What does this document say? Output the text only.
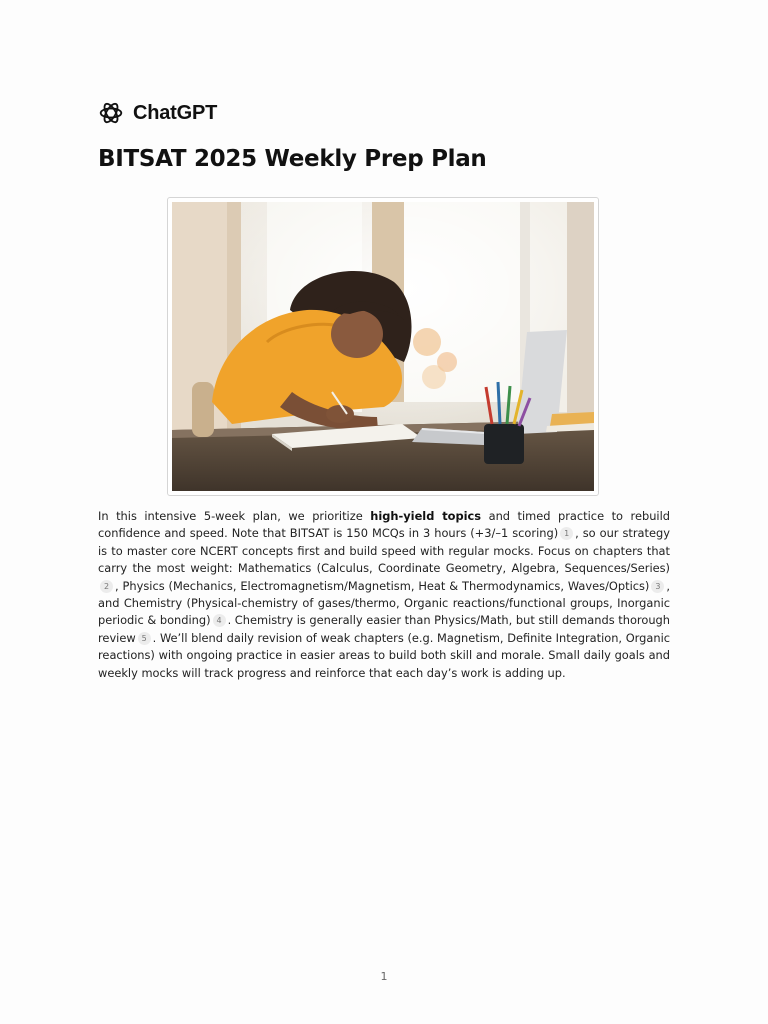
ChatGPT
BITSAT 2025 Weekly Prep Plan

In this intensive 5-week plan, we prioritize high-yield topics and timed practice to rebuild confidence and speed. Note that BITSAT is 150 MCQs in 3 hours (+3/–1 scoring) 1 , so our strategy is to master core NCERT concepts first and build speed with regular mocks. Focus on chapters that carry the most weight: Mathematics (Calculus, Coordinate Geometry, Algebra, Sequences/Series)2 , Physics (Mechanics, Electromagnetism/Magnetism, Heat & Thermodynamics, Waves/Optics) 3 , and Chemistry (Physical-chemistry of gases/thermo, Organic reactions/functional groups, Inorganic periodic & bonding) 4 . Chemistry is generally easier than Physics/Math, but still demands thorough review 5 . We’ll blend daily revision of weak chapters (e.g. Magnetism, Definite Integration, Organic reactions) with ongoing practice in easier areas to build both skill and morale. Small daily goals and weekly mocks will track progress and reinforce that each day’s work is adding up.

1
